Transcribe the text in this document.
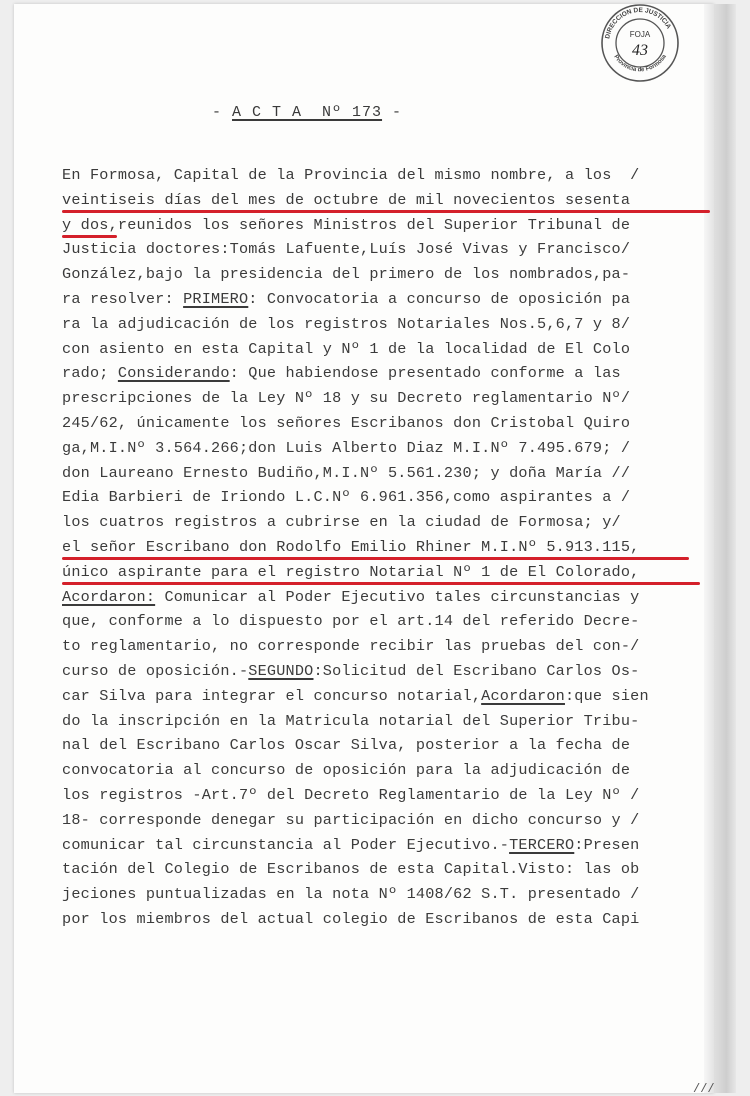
DIRECCION DE JUSTICIA
Provincia de Formosa
FOJA
43
- A C T A  Nº 173 -
En Formosa, Capital de la Provincia del mismo nombre, a los  /
veintiseis días del mes de octubre de mil novecientos sesenta
y dos,reunidos los señores Ministros del Superior Tribunal de
Justicia doctores:Tomás Lafuente,Luís José Vivas y Francisco/
González,bajo la presidencia del primero de los nombrados,pa-
ra resolver: PRIMERO: Convocatoria a concurso de oposición pa
ra la adjudicación de los registros Notariales Nos.5,6,7 y 8/
con asiento en esta Capital y Nº 1 de la localidad de El Colo
rado; Considerando: Que habiendose presentado conforme a las
prescripciones de la Ley Nº 18 y su Decreto reglamentario Nº/
245/62, únicamente los señores Escribanos don Cristobal Quiro
ga,M.I.Nº 3.564.266;don Luis Alberto Diaz M.I.Nº 7.495.679; /
don Laureano Ernesto Budiño,M.I.Nº 5.561.230; y doña María //
Edia Barbieri de Iriondo L.C.Nº 6.961.356,como aspirantes a /
los cuatros registros a cubrirse en la ciudad de Formosa; y/
el señor Escribano don Rodolfo Emilio Rhiner M.I.Nº 5.913.115,
único aspirante para el registro Notarial Nº 1 de El Colorado,
Acordaron: Comunicar al Poder Ejecutivo tales circunstancias y
que, conforme a lo dispuesto por el art.14 del referido Decre-
to reglamentario, no corresponde recibir las pruebas del con-/
curso de oposición.-SEGUNDO:Solicitud del Escribano Carlos Os-
car Silva para integrar el concurso notarial,Acordaron:que sien
do la inscripción en la Matricula notarial del Superior Tribu-
nal del Escribano Carlos Oscar Silva, posterior a la fecha de
convocatoria al concurso de oposición para la adjudicación de
los registros -Art.7º del Decreto Reglamentario de la Ley Nº /
18- corresponde denegar su participación en dicho concurso y /
comunicar tal circunstancia al Poder Ejecutivo.-TERCERO:Presen
tación del Colegio de Escribanos de esta Capital.Visto: las ob
jeciones puntualizadas en la nota Nº 1408/62 S.T. presentado /
por los miembros del actual colegio de Escribanos de esta Capi
///
